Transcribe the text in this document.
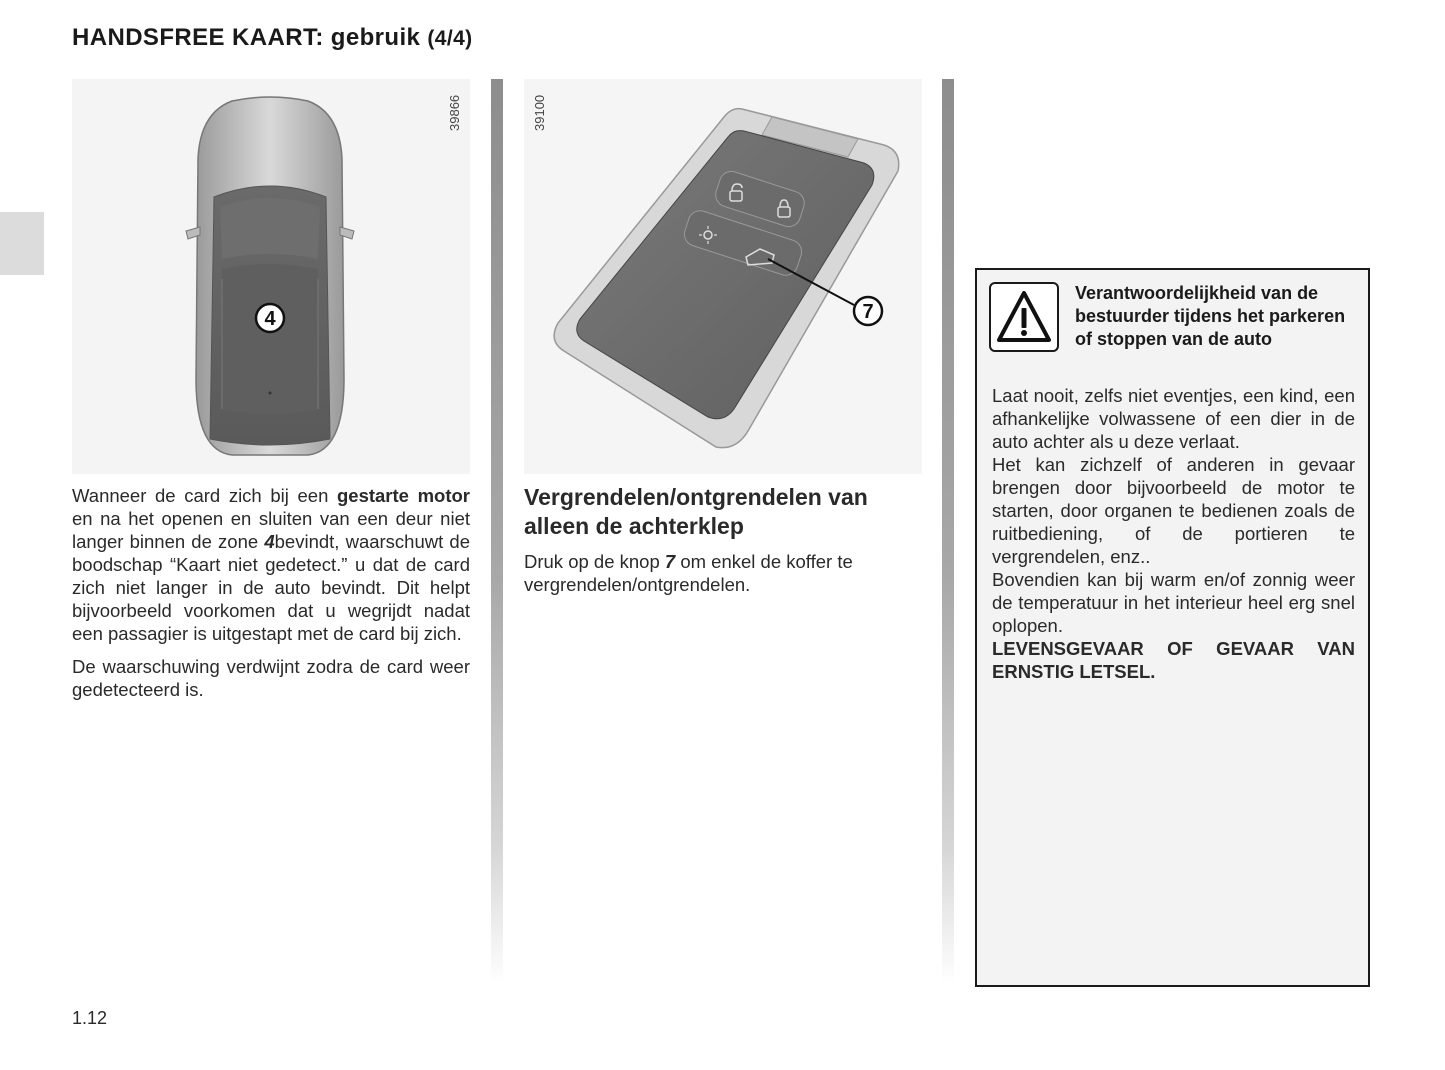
HANDSFREE KAART: gebruik (4/4)
4
39866
7
39100

Wanneer de card zich bij een gestarte motor en na het openen en sluiten van een deur niet langer binnen de zone 4bevindt, waarschuwt de boodschap “Kaart niet gedetect.” u dat de card zich niet langer in de auto bevindt. Dit helpt bijvoorbeeld voorkomen dat u wegrijdt nadat een passagier is uitgestapt met de card bij zich.

De waarschuwing verdwijnt zodra de card weer gedetecteerd is.

Vergrendelen/ontgrendelen van alleen de achterklep

Druk op de knop 7 om enkel de koffer te vergrendelen/ontgrendelen.

Verantwoordelijkheid van de bestuurder tijdens het parkeren of stoppen van de auto

Laat nooit, zelfs niet eventjes, een kind, een afhankelijke volwassene of een dier in de auto achter als u deze verlaat.

Het kan zichzelf of anderen in gevaar brengen door bijvoorbeeld de motor te starten, door organen te bedienen zoals de ruitbediening, of de portieren te vergrendelen, enz..

Bovendien kan bij warm en/of zonnig weer de temperatuur in het interieur heel erg snel oplopen.

LEVENSGEVAAR OF GEVAAR VAN ERNSTIG LETSEL.

1.12
